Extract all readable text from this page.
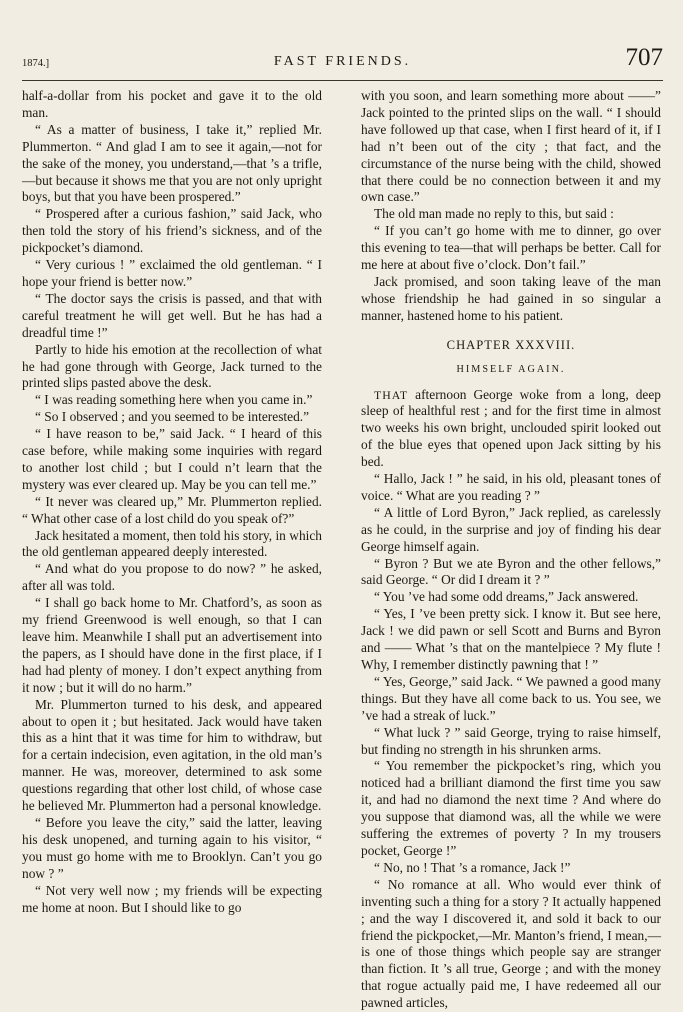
1874.]	FAST FRIENDS.	707

half-a-dollar from his pocket and gave it to the old man.

“ As a matter of business, I take it,” replied Mr. Plummerton. “ And glad I am to see it again,—not for the sake of the money, you understand,—that ’s a trifle,—but because it shows me that you are not only upright boys, but that you have been prospered.”

“ Prospered after a curious fashion,” said Jack, who then told the story of his friend’s sickness, and of the pickpocket’s diamond.

“ Very curious ! ” exclaimed the old gentleman. “ I hope your friend is better now.”

“ The doctor says the crisis is passed, and that with careful treatment he will get well. But he has had a dreadful time !”

Partly to hide his emotion at the recollection of what he had gone through with George, Jack turned to the printed slips pasted above the desk.

“ I was reading something here when you came in.”

“ So I observed ; and you seemed to be interested.”

“ I have reason to be,” said Jack. “ I heard of this case before, while making some inquiries with regard to another lost child ; but I could n’t learn that the mystery was ever cleared up. May be you can tell me.”

“ It never was cleared up,” Mr. Plummerton replied. “ What other case of a lost child do you speak of?”

Jack hesitated a moment, then told his story, in which the old gentleman appeared deeply interested.

“ And what do you propose to do now? ” he asked, after all was told.

“ I shall go back home to Mr. Chatford’s, as soon as my friend Greenwood is well enough, so that I can leave him. Meanwhile I shall put an advertisement into the papers, as I should have done in the first place, if I had had plenty of money. I don’t expect anything from it now ; but it will do no harm.”

Mr. Plummerton turned to his desk, and appeared about to open it ; but hesitated. Jack would have taken this as a hint that it was time for him to withdraw, but for a certain indecision, even agitation, in the old man’s manner. He was, moreover, determined to ask some questions regarding that other lost child, of whose case he believed Mr. Plummerton had a personal knowledge.

“ Before you leave the city,” said the latter, leaving his desk unopened, and turning again to his visitor, “ you must go home with me to Brooklyn. Can’t you go now ? ”

“ Not very well now ; my friends will be expecting me home at noon. But I should like to go

with you soon, and learn something more about ——” Jack pointed to the printed slips on the wall. “ I should have followed up that case, when I first heard of it, if I had n’t been out of the city ; that fact, and the circumstance of the nurse being with the child, showed that there could be no connection between it and my own case.”

The old man made no reply to this, but said :

“ If you can’t go home with me to dinner, go over this evening to tea—that will perhaps be better. Call for me here at about five o’clock. Don’t fail.”

Jack promised, and soon taking leave of the man whose friendship he had gained in so singular a manner, hastened home to his patient.

CHAPTER XXXVIII.
HIMSELF AGAIN.

THAT afternoon George woke from a long, deep sleep of healthful rest ; and for the first time in almost two weeks his own bright, unclouded spirit looked out of the blue eyes that opened upon Jack sitting by his bed.

“ Hallo, Jack ! ” he said, in his old, pleasant tones of voice. “ What are you reading ? ”

“ A little of Lord Byron,” Jack replied, as carelessly as he could, in the surprise and joy of finding his dear George himself again.

“ Byron ? But we ate Byron and the other fellows,” said George. “ Or did I dream it ? ”

“ You ’ve had some odd dreams,” Jack answered.

“ Yes, I ’ve been pretty sick. I know it. But see here, Jack ! we did pawn or sell Scott and Burns and Byron and —— What ’s that on the mantelpiece ? My flute ! Why, I remember distinctly pawning that ! ”

“ Yes, George,” said Jack. “ We pawned a good many things. But they have all come back to us. You see, we ’ve had a streak of luck.”

“ What luck ? ” said George, trying to raise himself, but finding no strength in his shrunken arms.

“ You remember the pickpocket’s ring, which you noticed had a brilliant diamond the first time you saw it, and had no diamond the next time ? And where do you suppose that diamond was, all the while we were suffering the extremes of poverty ? In my trousers pocket, George !”

“ No, no ! That ’s a romance, Jack !”

“ No romance at all. Who would ever think of inventing such a thing for a story ? It actually happened ; and the way I discovered it, and sold it back to our friend the pickpocket,—Mr. Manton’s friend, I mean,—is one of those things which people say are stranger than fiction. It ’s all true, George ; and with the money that rogue actually paid me, I have redeemed all our pawned articles,
